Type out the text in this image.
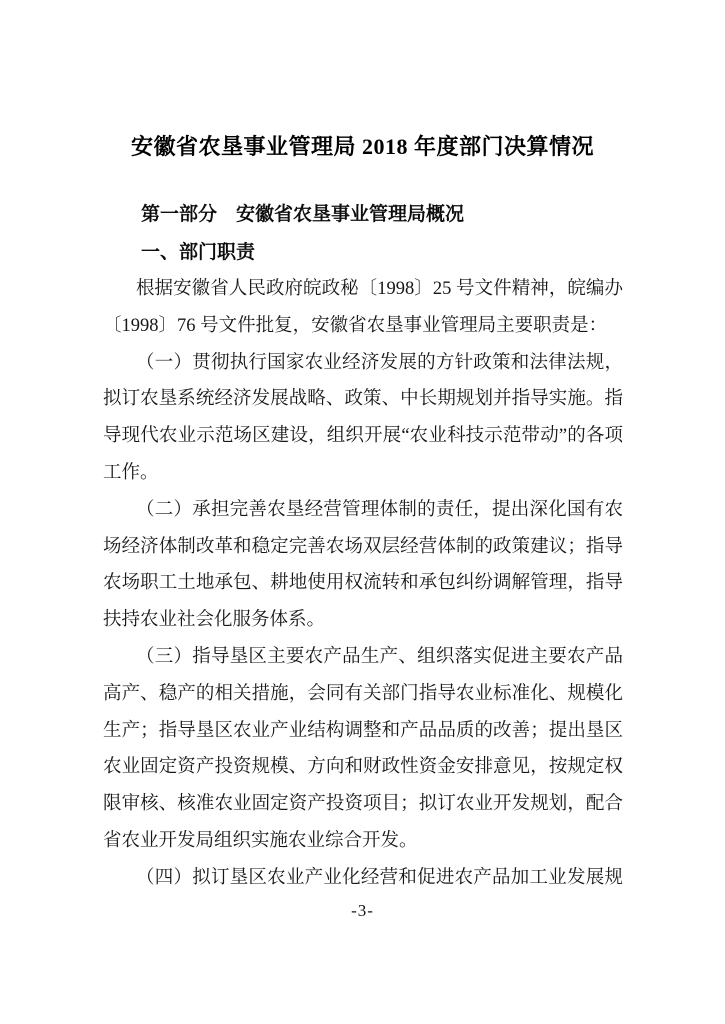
安徽省农垦事业管理局 2018 年度部门决算情况
第一部分　安徽省农垦事业管理局概况
一、部门职责
根据安徽省人民政府皖政秘〔1998〕25 号文件精神，皖编办
〔1998〕76 号文件批复，安徽省农垦事业管理局主要职责是：
（一）贯彻执行国家农业经济发展的方针政策和法律法规，
拟订农垦系统经济发展战略、政策、中长期规划并指导实施。指
导现代农业示范场区建设，组织开展“农业科技示范带动”的各项
工作。
（二）承担完善农垦经营管理体制的责任，提出深化国有农
场经济体制改革和稳定完善农场双层经营体制的政策建议；指导
农场职工土地承包、耕地使用权流转和承包纠纷调解管理，指导
扶持农业社会化服务体系。
（三）指导垦区主要农产品生产、组织落实促进主要农产品
高产、稳产的相关措施，会同有关部门指导农业标准化、规模化
生产；指导垦区农业产业结构调整和产品品质的改善；提出垦区
农业固定资产投资规模、方向和财政性资金安排意见，按规定权
限审核、核准农业固定资产投资项目；拟订农业开发规划，配合
省农业开发局组织实施农业综合开发。
（四）拟订垦区农业产业化经营和促进农产品加工业发展规
-3-
